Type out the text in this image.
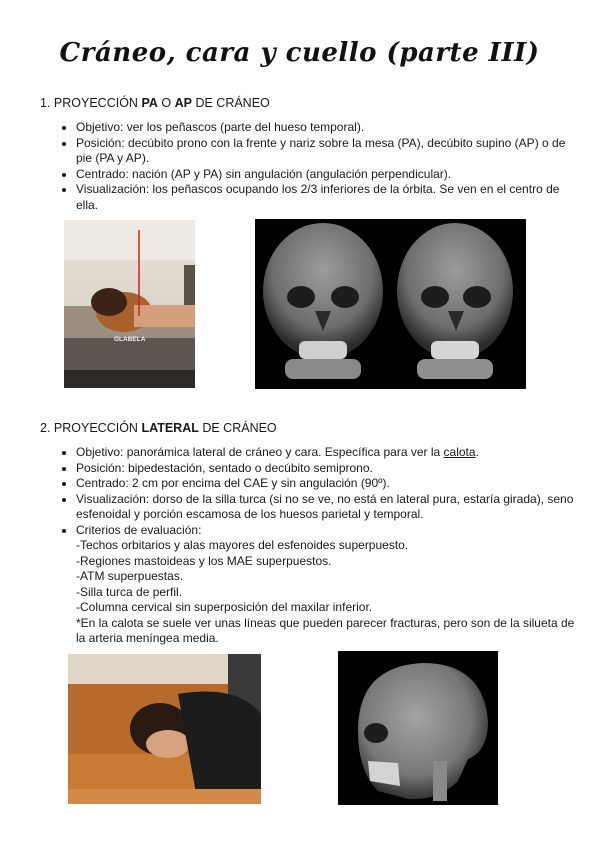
Cráneo, cara y cuello (parte III)
1. PROYECCIÓN PA O AP DE CRÁNEO
• Objetivo: ver los peñascos (parte del hueso temporal).
• Posición: decúbito prono con la frente y nariz sobre la mesa (PA), decúbito supino (AP) o de pie (PA y AP).
• Centrado: nación (AP y PA) sin angulación (angulación perpendicular).
• Visualización: los peñascos ocupando los 2/3 inferiores de la órbita. Se ven en el centro de ella.
GLABELA
2. PROYECCIÓN LATERAL DE CRÁNEO
• Objetivo: panorámica lateral de cráneo y cara. Específica para ver la calota.
• Posición: bipedestación, sentado o decúbito semiprono.
• Centrado: 2 cm por encima del CAE y sin angulación (90º).
• Visualización: dorso de la silla turca (si no se ve, no está en lateral pura, estaría girada), seno esfenoidal y porción escamosa de los huesos parietal y temporal.
• Criterios de evaluación:
-Techos orbitarios y alas mayores del esfenoides superpuesto.
-Regiones mastoideas y los MAE superpuestos.
-ATM superpuestas.
-Silla turca de perfil.
-Columna cervical sin superposición del maxilar inferior.
*En la calota se suele ver unas líneas que pueden parecer fracturas, pero son de la silueta de la arteria meníngea media.
